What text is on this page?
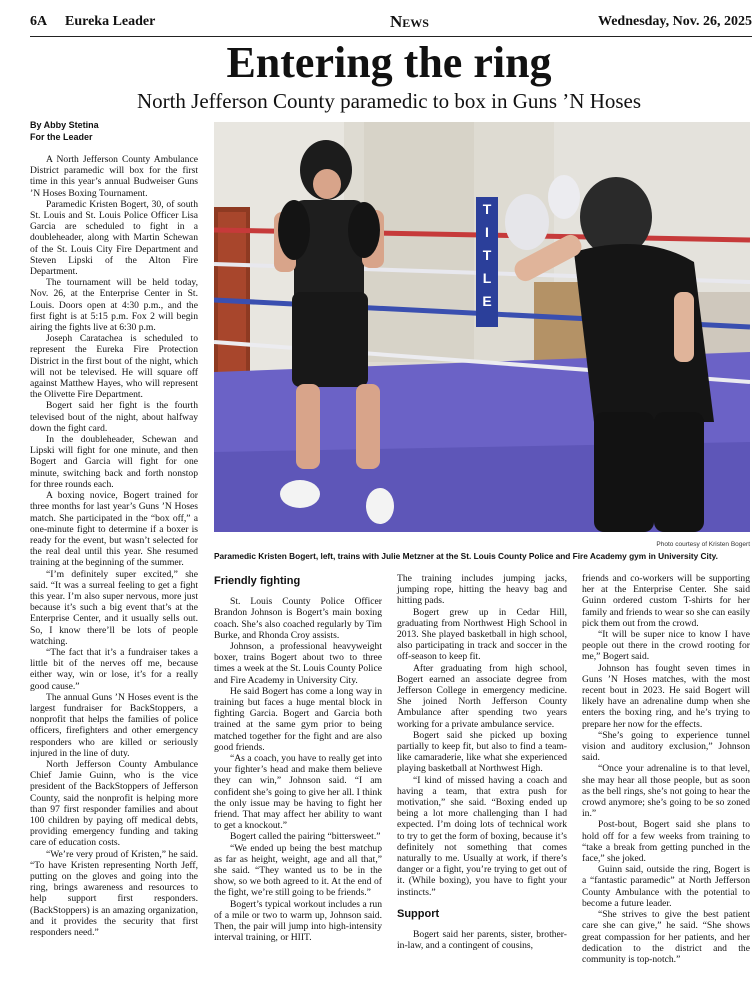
6A Eureka Leader	News	Wednesday, Nov. 26, 2025
Entering the ring
North Jefferson County paramedic to box in Guns ’N Hoses
By Abby Stetina
For the Leader
T
I
T
L
E
Photo courtesy of Kristen Bogert
Paramedic Kristen Bogert, left, trains with Julie Metzner at the St. Louis County Police and Fire Academy gym in University City.

A North Jefferson County Ambulance District paramedic will box for the first time in this year’s annual Budweiser Guns ’N Hoses Boxing Tournament.

Paramedic Kristen Bogert, 30, of south St. Louis and St. Louis Police Officer Lisa Garcia are scheduled to fight in a doubleheader, along with Martin Schewan of the St. Louis City Fire Department and Steven Lipski of the Alton Fire Department.

The tournament will be held today, Nov. 26, at the Enterprise Center in St. Louis. Doors open at 4:30 p.m., and the first fight is at 5:15 p.m. Fox 2 will begin airing the fights live at 6:30 p.m.

Joseph Caratachea is scheduled to represent the Eureka Fire Protection District in the first bout of the night, which will not be televised. He will square off against Matthew Hayes, who will represent the Olivette Fire Department.

Bogert said her fight is the fourth televised bout of the night, about halfway down the fight card.

In the doubleheader, Schewan and Lipski will fight for one minute, and then Bogert and Garcia will fight for one minute, switching back and forth nonstop for three rounds each.

A boxing novice, Bogert trained for three months for last year’s Guns ’N Hoses match. She participated in the “box off,” a one-minute fight to determine if a boxer is ready for the event, but wasn’t selected for the real deal until this year. She resumed training at the beginning of the summer.

“I’m definitely super excited,” she said. “It was a surreal feeling to get a fight this year. I’m also super nervous, more just because it’s such a big event that’s at the Enterprise Center, and it usually sells out. So, I know there’ll be lots of people watching.

“The fact that it’s a fundraiser takes a little bit of the nerves off me, because either way, win or lose, it’s for a really good cause.”

The annual Guns ’N Hoses event is the largest fundraiser for BackStoppers, a nonprofit that helps the families of police officers, firefighters and other emergency responders who are killed or seriously injured in the line of duty.

North Jefferson County Ambulance Chief Jamie Guinn, who is the vice president of the BackStoppers of Jefferson County, said the nonprofit is helping more than 97 first responder families and about 100 children by paying off medical debts, providing emergency funding and taking care of education costs.

“We’re very proud of Kristen,” he said. “To have Kristen representing North Jeff, putting on the gloves and going into the ring, brings awareness and resources to help support first responders. (BackStoppers) is an amazing organization, and it provides the security that first responders need.”

Friendly fighting

St. Louis County Police Officer Brandon Johnson is Bogert’s main boxing coach. She’s also coached regularly by Tim Burke, and Rhonda Croy assists.

Johnson, a professional heavyweight boxer, trains Bogert about two to three times a week at the St. Louis County Police and Fire Academy in University City.

He said Bogert has come a long way in training but faces a huge mental block in fighting Garcia. Bogert and Garcia both trained at the same gym prior to being matched together for the fight and are also good friends.

“As a coach, you have to really get into your fighter’s head and make them believe they can win,” Johnson said. “I am confident she’s going to give her all. I think the only issue may be having to fight her friend. That may affect her ability to want to get a knockout.”

Bogert called the pairing “bittersweet.”

“We ended up being the best matchup as far as height, weight, age and all that,” she said. “They wanted us to be in the show, so we both agreed to it. At the end of the fight, we’re still going to be friends.”

Bogert’s typical workout includes a run of a mile or two to warm up, Johnson said. Then, the pair will jump into high-intensity interval training, or HIIT.

The training includes jumping jacks, jumping rope, hitting the heavy bag and hitting pads.

Bogert grew up in Cedar Hill, graduating from Northwest High School in 2013. She played basketball in high school, also participating in track and soccer in the off-season to keep fit.

After graduating from high school, Bogert earned an associate degree from Jefferson College in emergency medicine. She joined North Jefferson County Ambulance after spending two years working for a private ambulance service.

Bogert said she picked up boxing partially to keep fit, but also to find a team-like camaraderie, like what she experienced playing basketball at Northwest High.

“I kind of missed having a coach and having a team, that extra push for motivation,” she said. “Boxing ended up being a lot more challenging than I had expected. I’m doing lots of technical work to try to get the form of boxing, because it’s definitely not something that comes naturally to me. Usually at work, if there’s danger or a fight, you’re trying to get out of it. (While boxing), you have to fight your instincts.”

Support

Bogert said her parents, sister, brother-in-law, and a contingent of cousins,

friends and co-workers will be supporting her at the Enterprise Center. She said Guinn ordered custom T-shirts for her family and friends to wear so she can easily pick them out from the crowd.

“It will be super nice to know I have people out there in the crowd rooting for me,” Bogert said.

Johnson has fought seven times in Guns ’N Hoses matches, with the most recent bout in 2023. He said Bogert will likely have an adrenaline dump when she enters the boxing ring, and he’s trying to prepare her now for the effects.

“She’s going to experience tunnel vision and auditory exclusion,” Johnson said.

“Once your adrenaline is to that level, she may hear all those people, but as soon as the bell rings, she’s not going to hear the crowd anymore; she’s going to be so zoned in.”

Post-bout, Bogert said she plans to hold off for a few weeks from training to “take a break from getting punched in the face,” she joked.

Guinn said, outside the ring, Bogert is a “fantastic paramedic” at North Jefferson County Ambulance with the potential to become a future leader.

“She strives to give the best patient care she can give,” he said. “She shows great compassion for her patients, and her dedication to the district and the community is top-notch.”
